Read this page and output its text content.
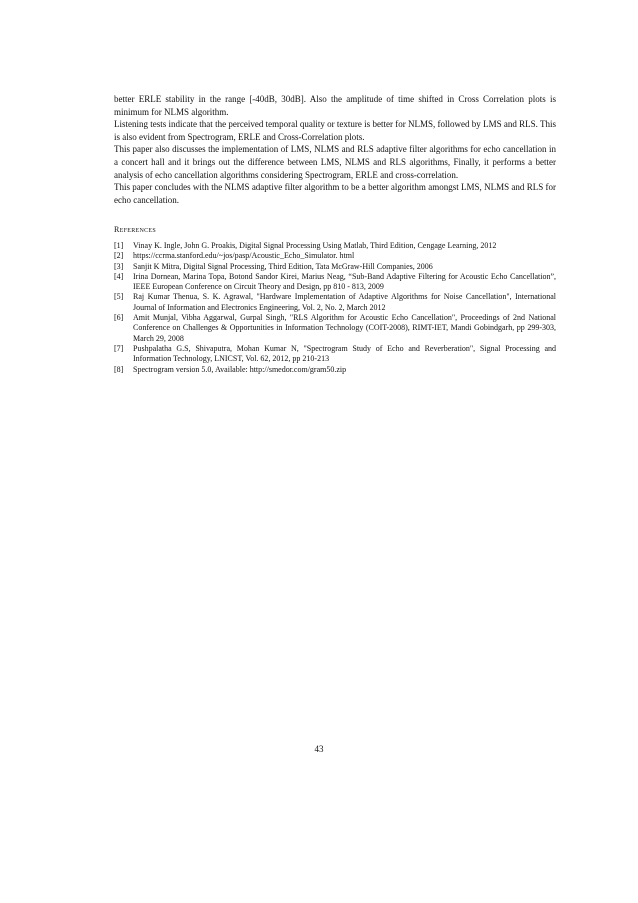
better ERLE stability in the range [-40dB, 30dB]. Also the amplitude of time shifted in Cross Correlation plots is minimum for NLMS algorithm.

Listening tests indicate that the perceived temporal quality or texture is better for NLMS, followed by LMS and RLS. This is also evident from Spectrogram, ERLE and Cross-Correlation plots.

This paper also discusses the implementation of LMS, NLMS and RLS adaptive filter algorithms for echo cancellation in a concert hall and it brings out the difference between LMS, NLMS and RLS algorithms, Finally, it performs a better analysis of echo cancellation algorithms considering Spectrogram, ERLE and cross-correlation.

This paper concludes with the NLMS adaptive filter algorithm to be a better algorithm amongst LMS, NLMS and RLS for echo cancellation.

References
[1]	Vinay K. Ingle, John G. Proakis, Digital Signal Processing Using Matlab, Third Edition, Cengage Learning, 2012
[2]	https://ccrma.stanford.edu/~jos/pasp/Acoustic_Echo_Simulator. html
[3]	Sanjit K Mitra, Digital Signal Processing, Third Edition, Tata McGraw-Hill Companies, 2006
[4]	Irina Dornean, Marina Topa, Botond Sandor Kirei, Marius Neag, “Sub-Band Adaptive Filtering for Acoustic Echo Cancellation”, IEEE European Conference on Circuit Theory and Design, pp 810 - 813, 2009
[5]	Raj Kumar Thenua, S. K. Agrawal, "Hardware Implementation of Adaptive Algorithms for Noise Cancellation", International Journal of Information and Electronics Engineering, Vol. 2, No. 2, March 2012
[6]	Amit Munjal, Vibha Aggarwal, Gurpal Singh, "RLS Algorithm for Acoustic Echo Cancellation", Proceedings of 2nd National Conference on Challenges & Opportunities in Information Technology (COIT-2008), RIMT-IET, Mandi Gobindgarh, pp 299-303, March 29, 2008
[7]	Pushpalatha G.S, Shivaputra, Mohan Kumar N, "Spectrogram Study of Echo and Reverberation", Signal Processing and Information Technology, LNICST, Vol. 62, 2012, pp 210-213
[8]	Spectrogram version 5.0, Available: http://smedor.com/gram50.zip
43
